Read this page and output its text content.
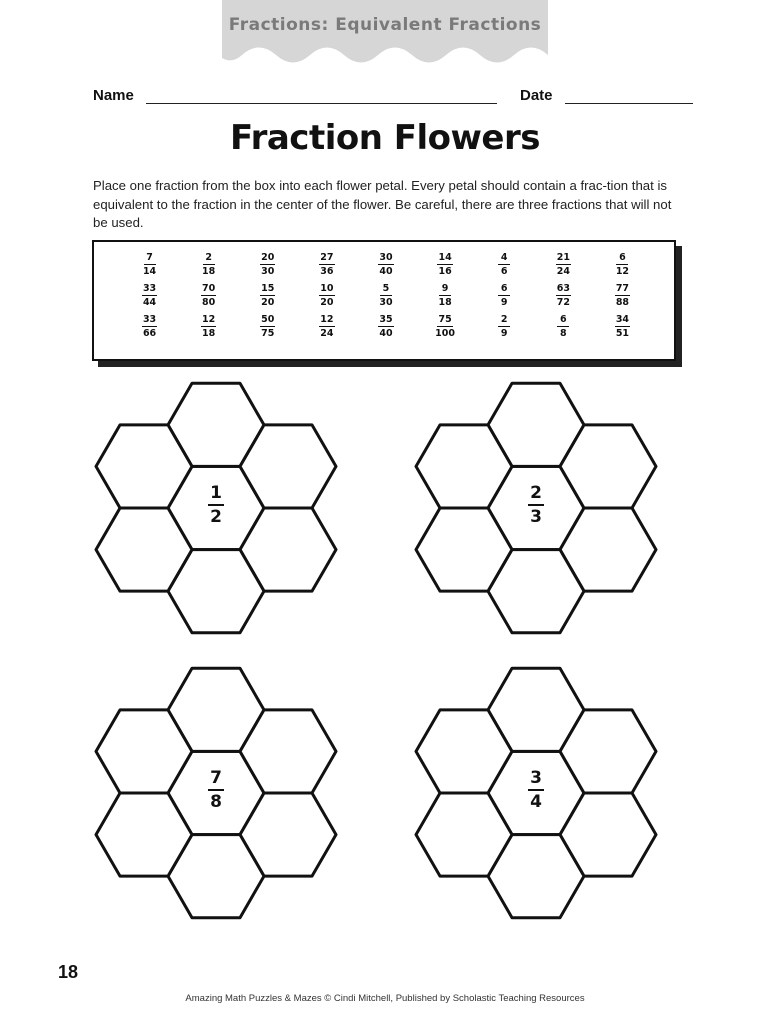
Fractions: Equivalent Fractions
Name	Date
Fraction Flowers
Place one fraction from the box into each flower petal. Every petal should contain a frac-tion that is equivalent to the fraction in the center of the flower. Be careful, there are three fractions that will not be used.
$\frac{7}{14}$	$\frac{2}{18}$	$\frac{20}{30}$	$\frac{27}{36}$	$\frac{30}{40}$	$\frac{14}{16}$	$\frac{4}{6}$	$\frac{21}{24}$	$\frac{6}{12}$
$\frac{33}{44}$	$\frac{70}{80}$	$\frac{15}{20}$	$\frac{10}{20}$	$\frac{5}{30}$	$\frac{9}{18}$	$\frac{6}{9}$	$\frac{63}{72}$	$\frac{77}{88}$
$\frac{33}{66}$	$\frac{12}{18}$	$\frac{50}{75}$	$\frac{12}{24}$	$\frac{35}{40}$	$\frac{75}{100}$	$\frac{2}{9}$	$\frac{6}{8}$	$\frac{34}{51}$
$\frac{1}{2}$	$\frac{2}{3}$
$\frac{7}{8}$	$\frac{3}{4}$
18
Amazing Math Puzzles & Mazes © Cindi Mitchell, Published by Scholastic Teaching Resources
